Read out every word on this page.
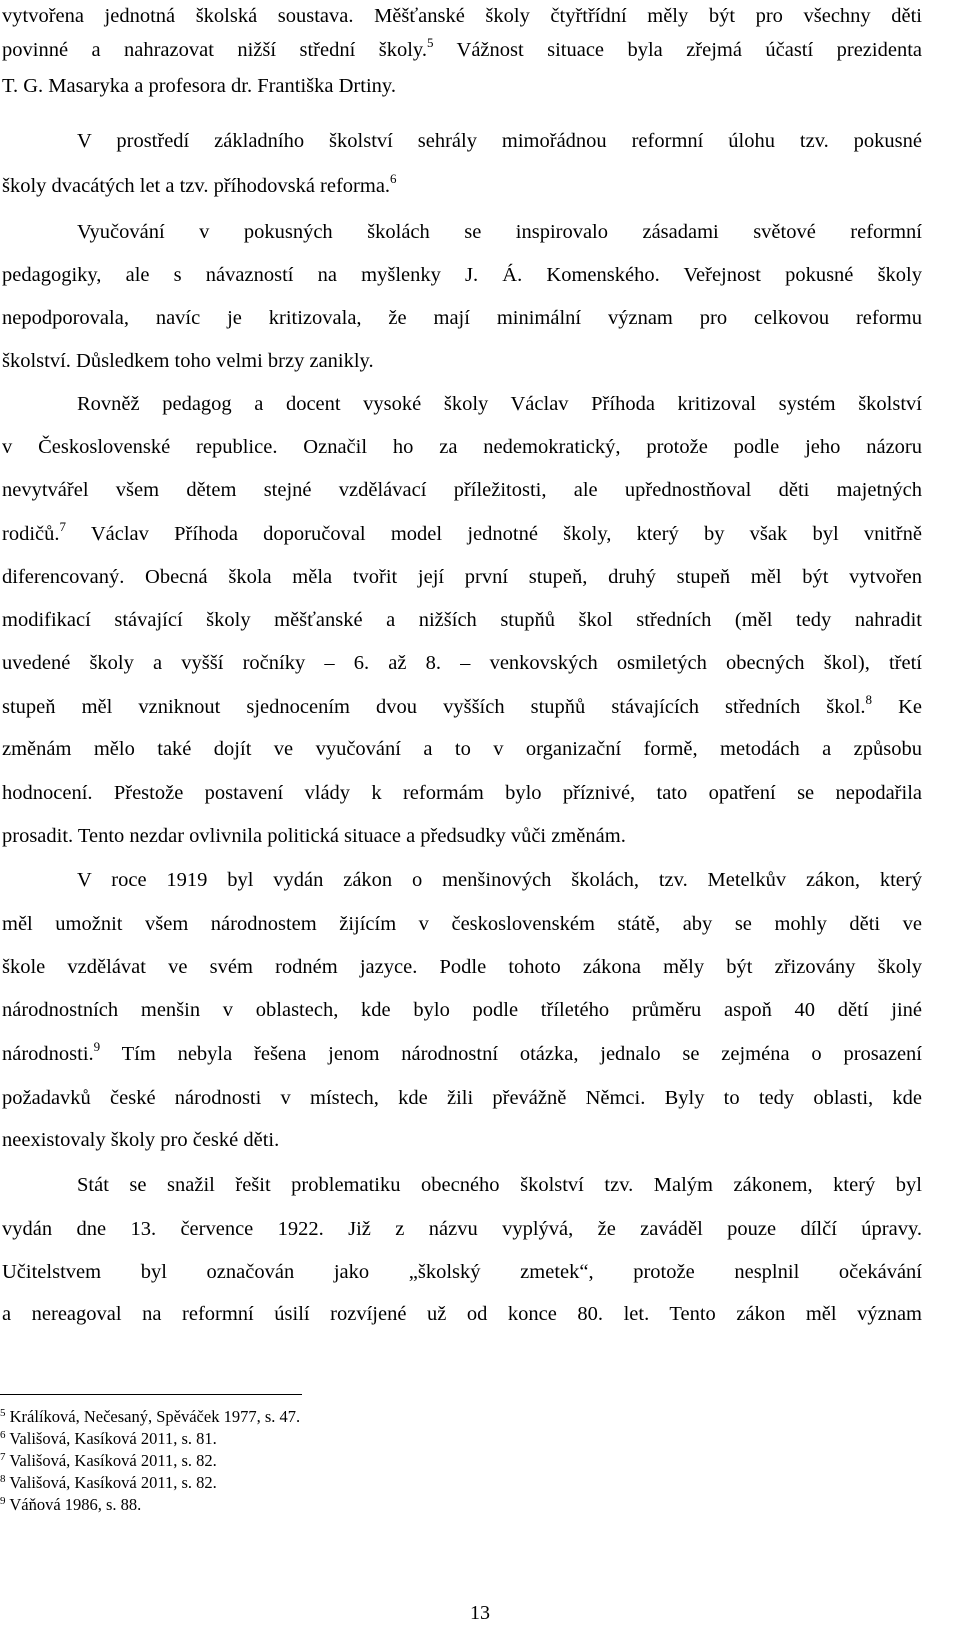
vytvořena jednotná školská soustava. Měšťanské školy čtyřtřídní měly být pro všechny děti
povinné a nahrazovat nižší střední školy.$^5$ Vážnost situace byla zřejmá účastí prezidenta
T. G. Masaryka a profesora dr. Františka Drtiny.
V prostředí základního školství sehrály mimořádnou reformní úlohu tzv. pokusné
školy dvacátých let a tzv. příhodovská reforma.$^6$
Vyučování v pokusných školách se inspirovalo zásadami světové reformní
pedagogiky, ale s návazností na myšlenky J. Á. Komenského. Veřejnost pokusné školy
nepodporovala, navíc je kritizovala, že mají minimální význam pro celkovou reformu
školství. Důsledkem toho velmi brzy zanikly.
Rovněž pedagog a docent vysoké školy Václav Příhoda kritizoval systém školství
v Československé republice. Označil ho za nedemokratický, protože podle jeho názoru
nevytvářel všem dětem stejné vzdělávací příležitosti, ale upřednostňoval děti majetných
rodičů.$^7$ Václav Příhoda doporučoval model jednotné školy, který by však byl vnitřně
diferencovaný. Obecná škola měla tvořit její první stupeň, druhý stupeň měl být vytvořen
modifikací stávající školy měšťanské a nižších stupňů škol středních (měl tedy nahradit
uvedené školy a vyšší ročníky – 6. až 8. – venkovských osmiletých obecných škol), třetí
stupeň měl vzniknout sjednocením dvou vyšších stupňů stávajících středních škol.$^8$ Ke
změnám mělo také dojít ve vyučování a to v organizační formě, metodách a způsobu
hodnocení. Přestože postavení vlády k reformám bylo příznivé, tato opatření se nepodařila
prosadit. Tento nezdar ovlivnila politická situace a předsudky vůči změnám.
V roce 1919 byl vydán zákon o menšinových školách, tzv. Metelkův zákon, který
měl umožnit všem národnostem žijícím v československém státě, aby se mohly děti ve
škole vzdělávat ve svém rodném jazyce. Podle tohoto zákona měly být zřizovány školy
národnostních menšin v oblastech, kde bylo podle tříletého průměru aspoň 40 dětí jiné
národnosti.$^9$ Tím nebyla řešena jenom národnostní otázka, jednalo se zejména o prosazení
požadavků české národnosti v místech, kde žili převážně Němci. Byly to tedy oblasti, kde
neexistovaly školy pro české děti.
Stát se snažil řešit problematiku obecného školství tzv. Malým zákonem, který byl
vydán dne 13. července 1922. Již z názvu vyplývá, že zaváděl pouze dílčí úpravy.
Učitelstvem byl označován jako „školský zmetek“, protože nesplnil očekávání
a nereagoval na reformní úsilí rozvíjené už od konce 80. let. Tento zákon měl význam
$^5$ Králíková, Nečesaný, Spěváček 1977, s. 47.
$^6$ Vališová, Kasíková 2011, s. 81.
$^7$ Vališová, Kasíková 2011, s. 82.
$^8$ Vališová, Kasíková 2011, s. 82.
$^9$ Váňová 1986, s. 88.
13
